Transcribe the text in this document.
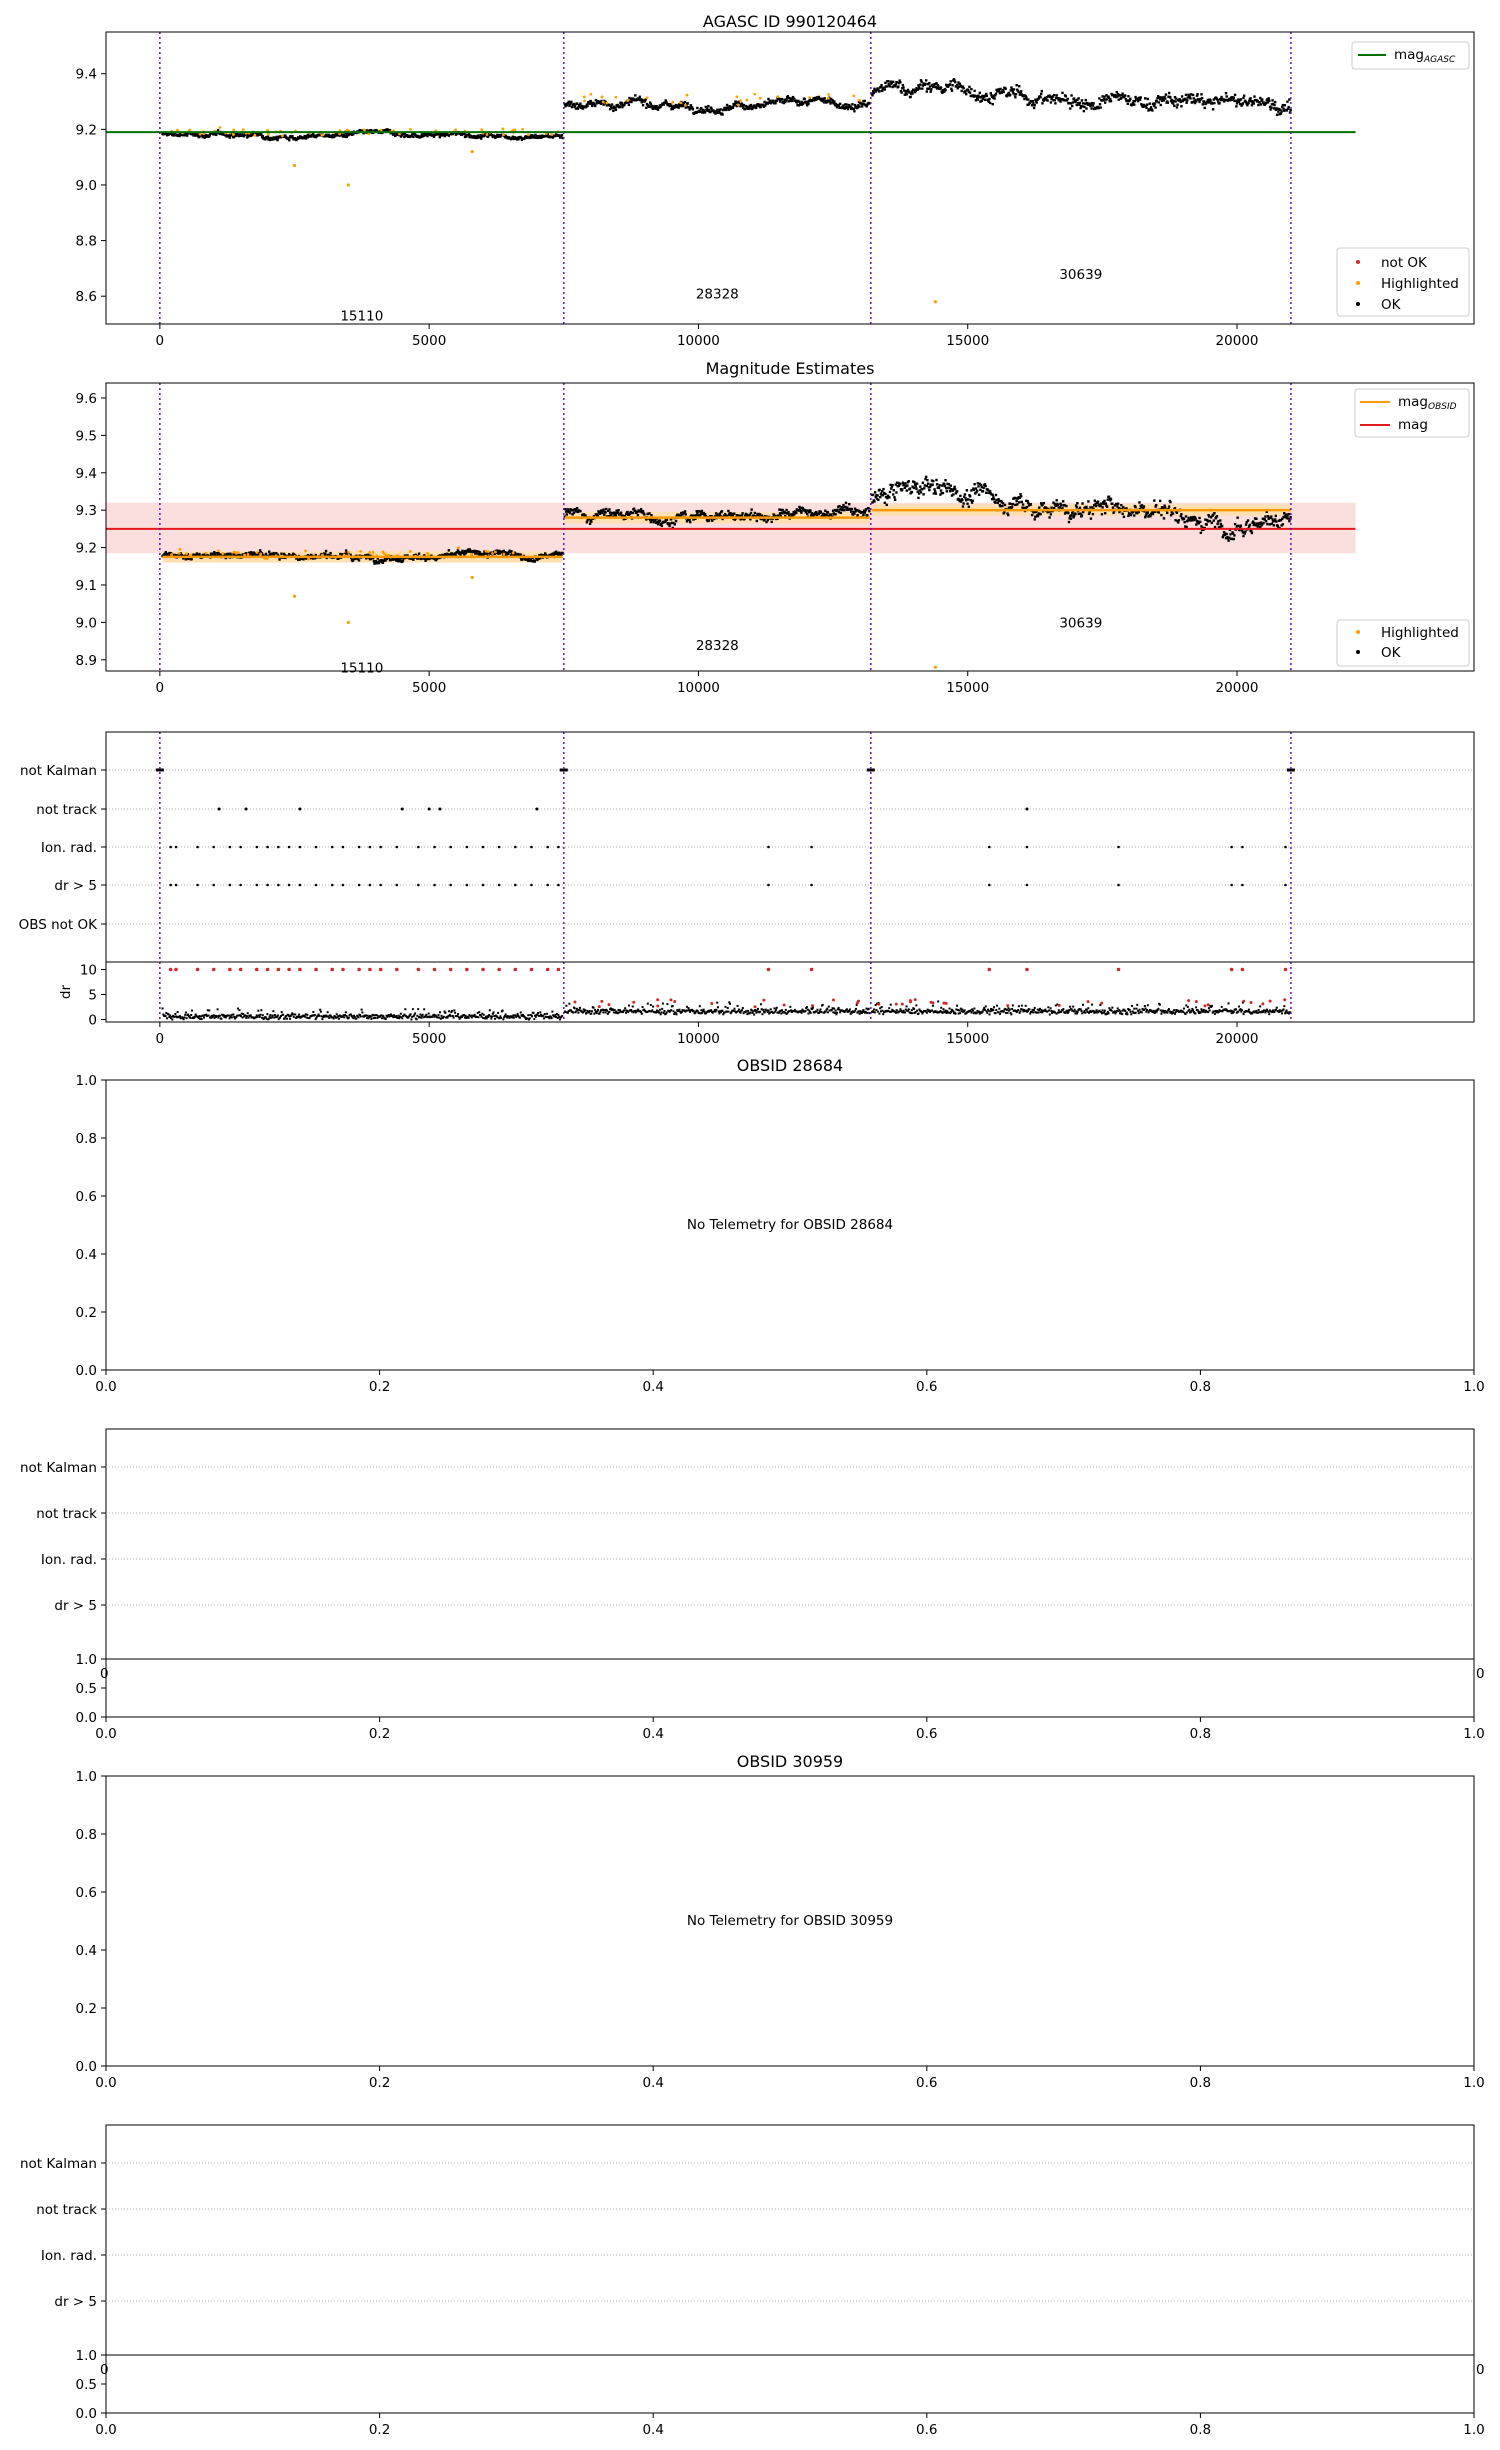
AGASC ID 990120464
15110
28328
30639
0	5000	10000	15000	20000
8.6
8.8
9.0
9.2
9.4
mag$_{AGASC}$
not OK
Highlighted
OK
Magnitude Estimates
15110
28328
30639
0	5000	10000	15000	20000
8.9
9.0
9.1
9.2
9.3
9.4
9.5
9.6	mag$_{OBSID}$
mag
Highlighted
OK
not Kalman
not track
Ion. rad.
dr > 5
OBS not OK
0
5
10
0	5000	10000	15000	20000
dr
OBSID 28684
No Telemetry for OBSID 28684
0.0
0.0
0.2
0.2
0.4
0.4
0.6
0.6
0.8
0.8
1.0
1.0
not Kalman
not track
Ion. rad.
dr > 5
0.0
0.5
1.0
0.0	0.2	0.4	0.6	0.8	1.0
0	0
OBSID 30959
No Telemetry for OBSID 30959
0.0
0.0
0.2
0.2
0.4
0.4
0.6
0.6
0.8
0.8
1.0
1.0
not Kalman
not track
Ion. rad.
dr > 5
0.0
0.5
1.0
0.0	0.2	0.4	0.6	0.8	1.0
0	0
